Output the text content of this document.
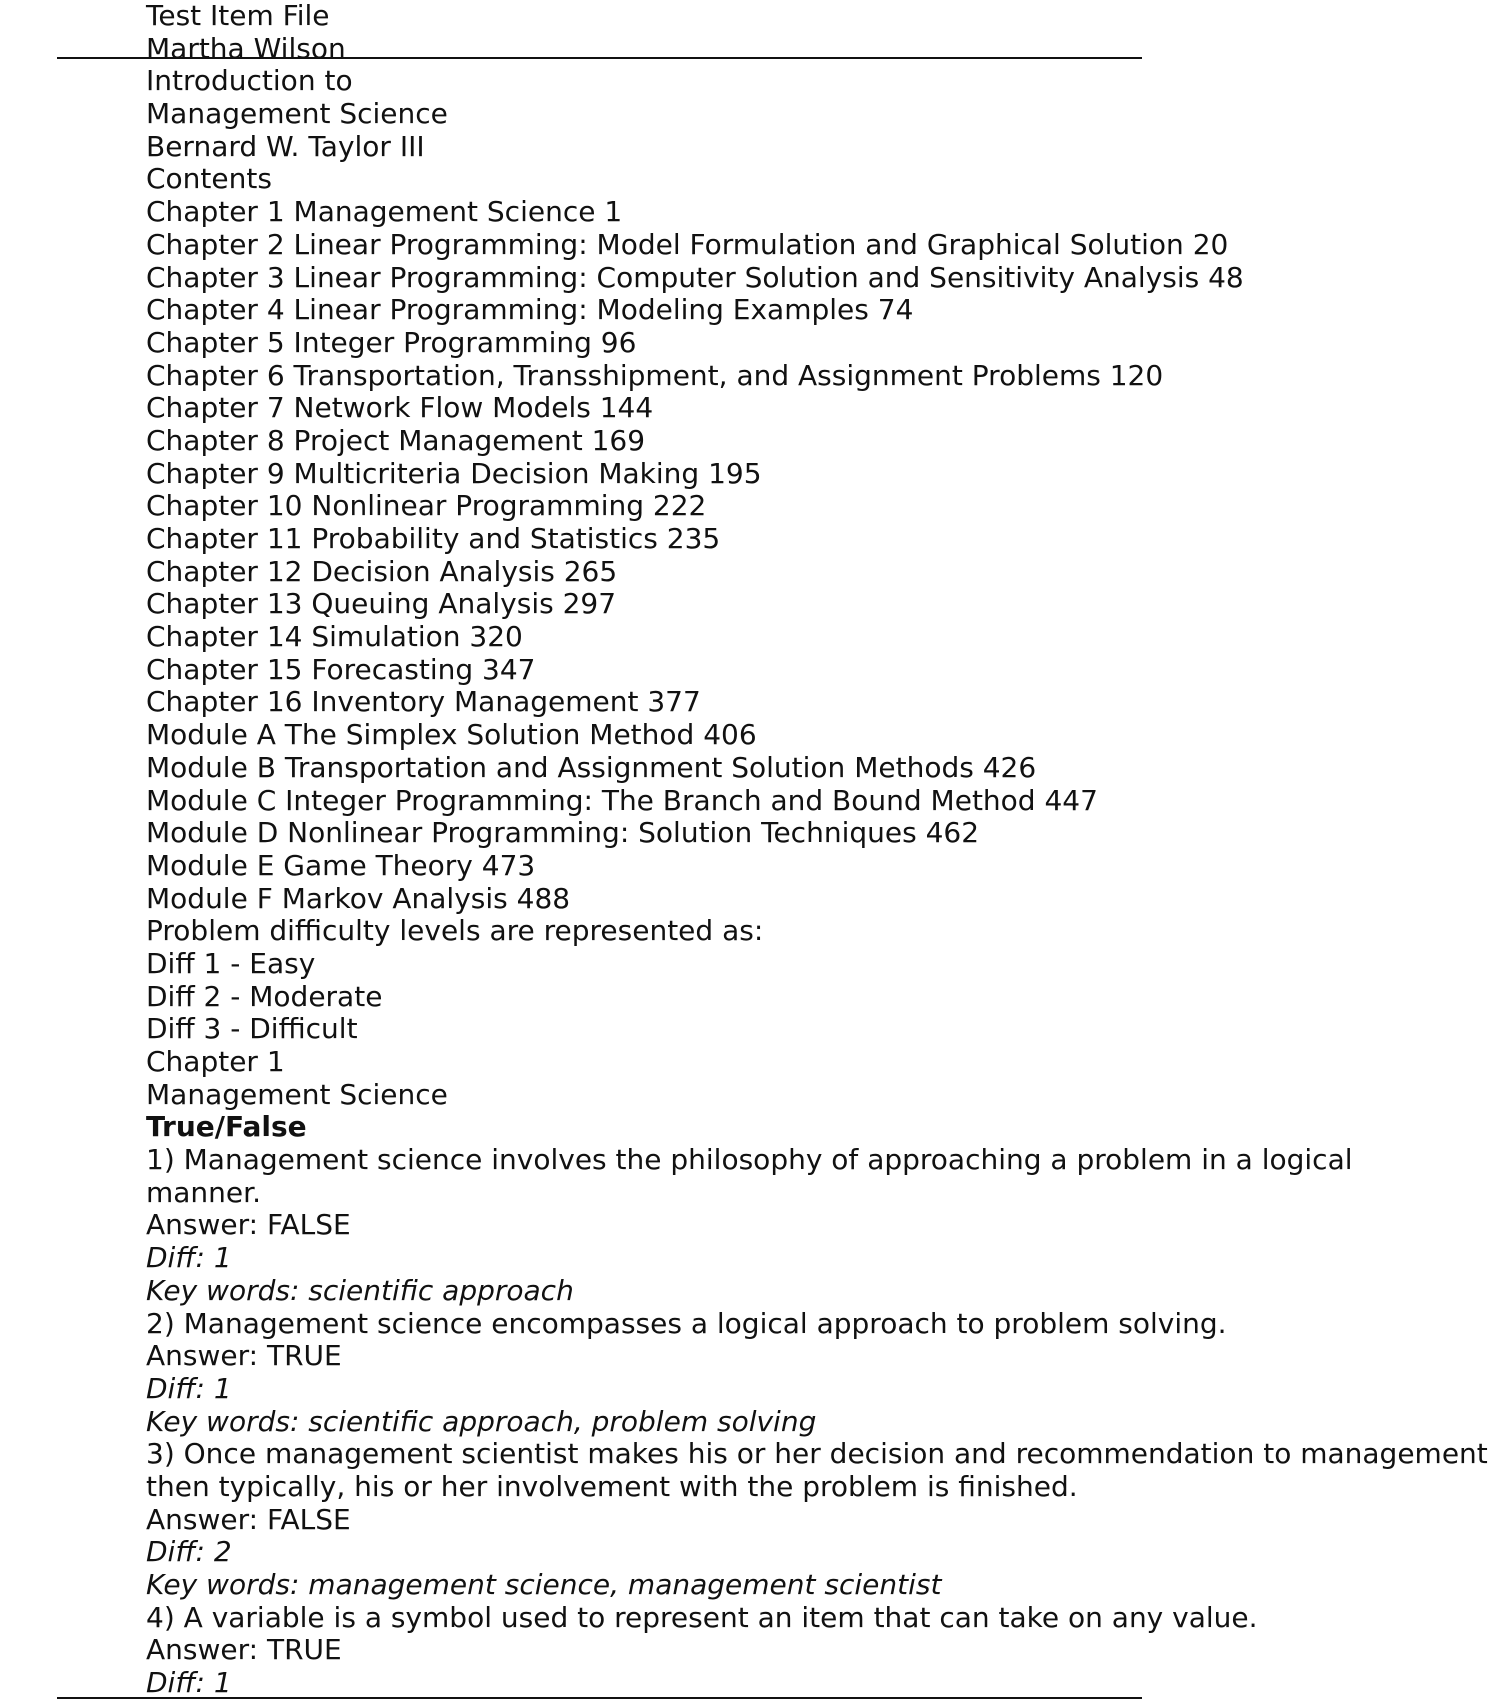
Test Item File
Martha Wilson
Introduction to
Management Science
Bernard W. Taylor III
Contents
Chapter 1 Management Science 1
Chapter 2 Linear Programming: Model Formulation and Graphical Solution 20
Chapter 3 Linear Programming: Computer Solution and Sensitivity Analysis 48
Chapter 4 Linear Programming: Modeling Examples 74
Chapter 5 Integer Programming 96
Chapter 6 Transportation, Transshipment, and Assignment Problems 120
Chapter 7 Network Flow Models 144
Chapter 8 Project Management 169
Chapter 9 Multicriteria Decision Making 195
Chapter 10 Nonlinear Programming 222
Chapter 11 Probability and Statistics 235
Chapter 12 Decision Analysis 265
Chapter 13 Queuing Analysis 297
Chapter 14 Simulation 320
Chapter 15 Forecasting 347
Chapter 16 Inventory Management 377
Module A The Simplex Solution Method 406
Module B Transportation and Assignment Solution Methods 426
Module C Integer Programming: The Branch and Bound Method 447
Module D Nonlinear Programming: Solution Techniques 462
Module E Game Theory 473
Module F Markov Analysis 488
Problem difficulty levels are represented as:
Diff 1 - Easy
Diff 2 - Moderate
Diff 3 - Difficult
Chapter 1
Management Science
True/False
1) Management science involves the philosophy of approaching a problem in a logical
manner.
Answer: FALSE
Diff: 1
Key words: scientific approach
2) Management science encompasses a logical approach to problem solving.
Answer: TRUE
Diff: 1
Key words: scientific approach, problem solving
3) Once management scientist makes his or her decision and recommendation to management
then typically, his or her involvement with the problem is finished.
Answer: FALSE
Diff: 2
Key words: management science, management scientist
4) A variable is a symbol used to represent an item that can take on any value.
Answer: TRUE
Diff: 1
